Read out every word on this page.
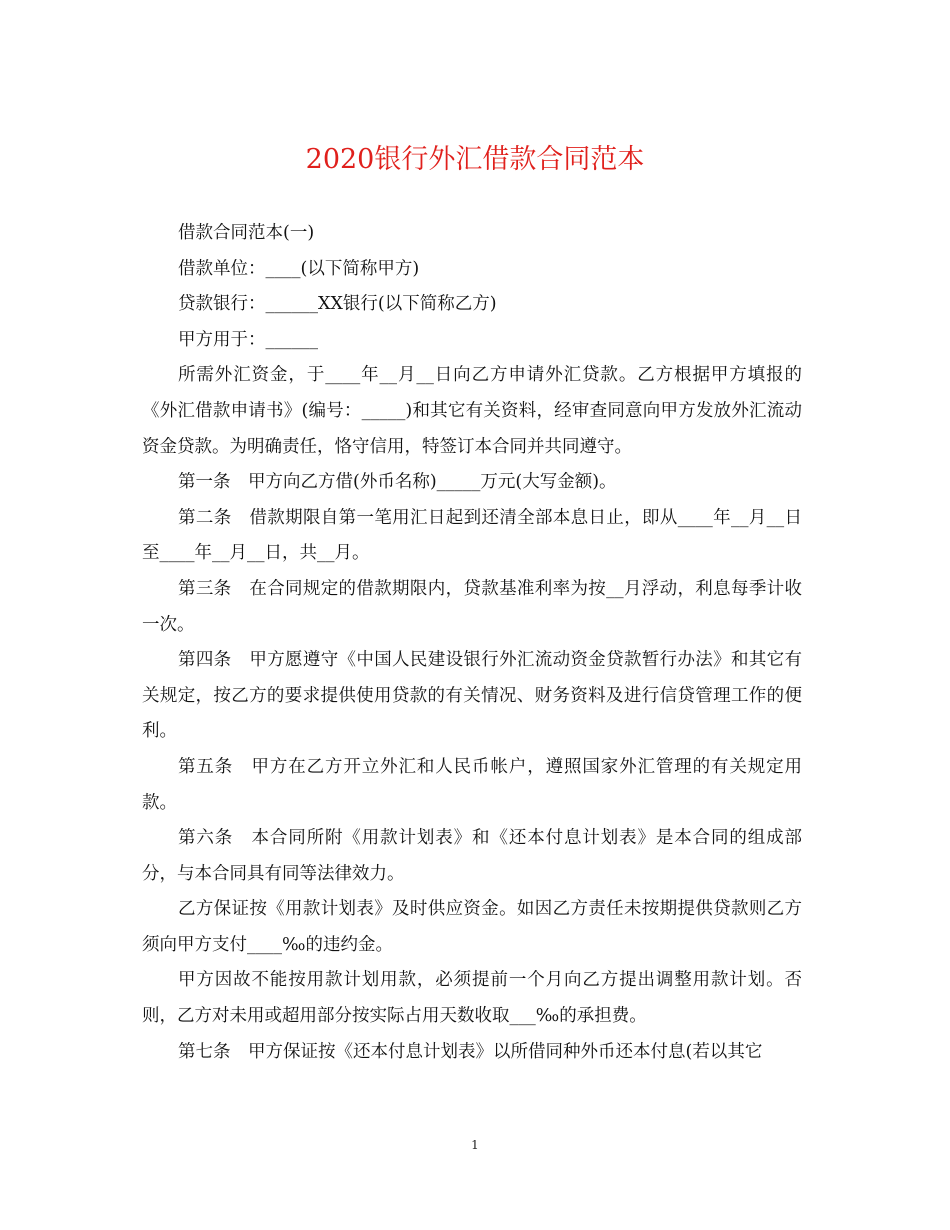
2020银行外汇借款合同范本

借款合同范本(一)

借款单位：____(以下简称甲方)

贷款银行：______XX银行(以下简称乙方)

甲方用于：______

所需外汇资金，于____年__月__日向乙方申请外汇贷款。乙方根据甲方填报的《外汇借款申请书》(编号：_____)和其它有关资料，经审查同意向甲方发放外汇流动资金贷款。为明确责任，恪守信用，特签订本合同并共同遵守。

第一条　甲方向乙方借(外币名称)_____万元(大写金额)。

第二条　借款期限自第一笔用汇日起到还清全部本息日止，即从____年__月__日至____年__月__日，共__月。

第三条　在合同规定的借款期限内，贷款基准利率为按__月浮动，利息每季计收一次。

第四条　甲方愿遵守《中国人民建设银行外汇流动资金贷款暂行办法》和其它有关规定，按乙方的要求提供使用贷款的有关情况、财务资料及进行信贷管理工作的便利。

第五条　甲方在乙方开立外汇和人民币帐户，遵照国家外汇管理的有关规定用款。

第六条　本合同所附《用款计划表》和《还本付息计划表》是本合同的组成部分，与本合同具有同等法律效力。

乙方保证按《用款计划表》及时供应资金。如因乙方责任未按期提供贷款则乙方须向甲方支付____‰的违约金。

甲方因故不能按用款计划用款，必须提前一个月向乙方提出调整用款计划。否则，乙方对未用或超用部分按实际占用天数收取___‰的承担费。

第七条　甲方保证按《还本付息计划表》以所借同种外币还本付息(若以其它

1
